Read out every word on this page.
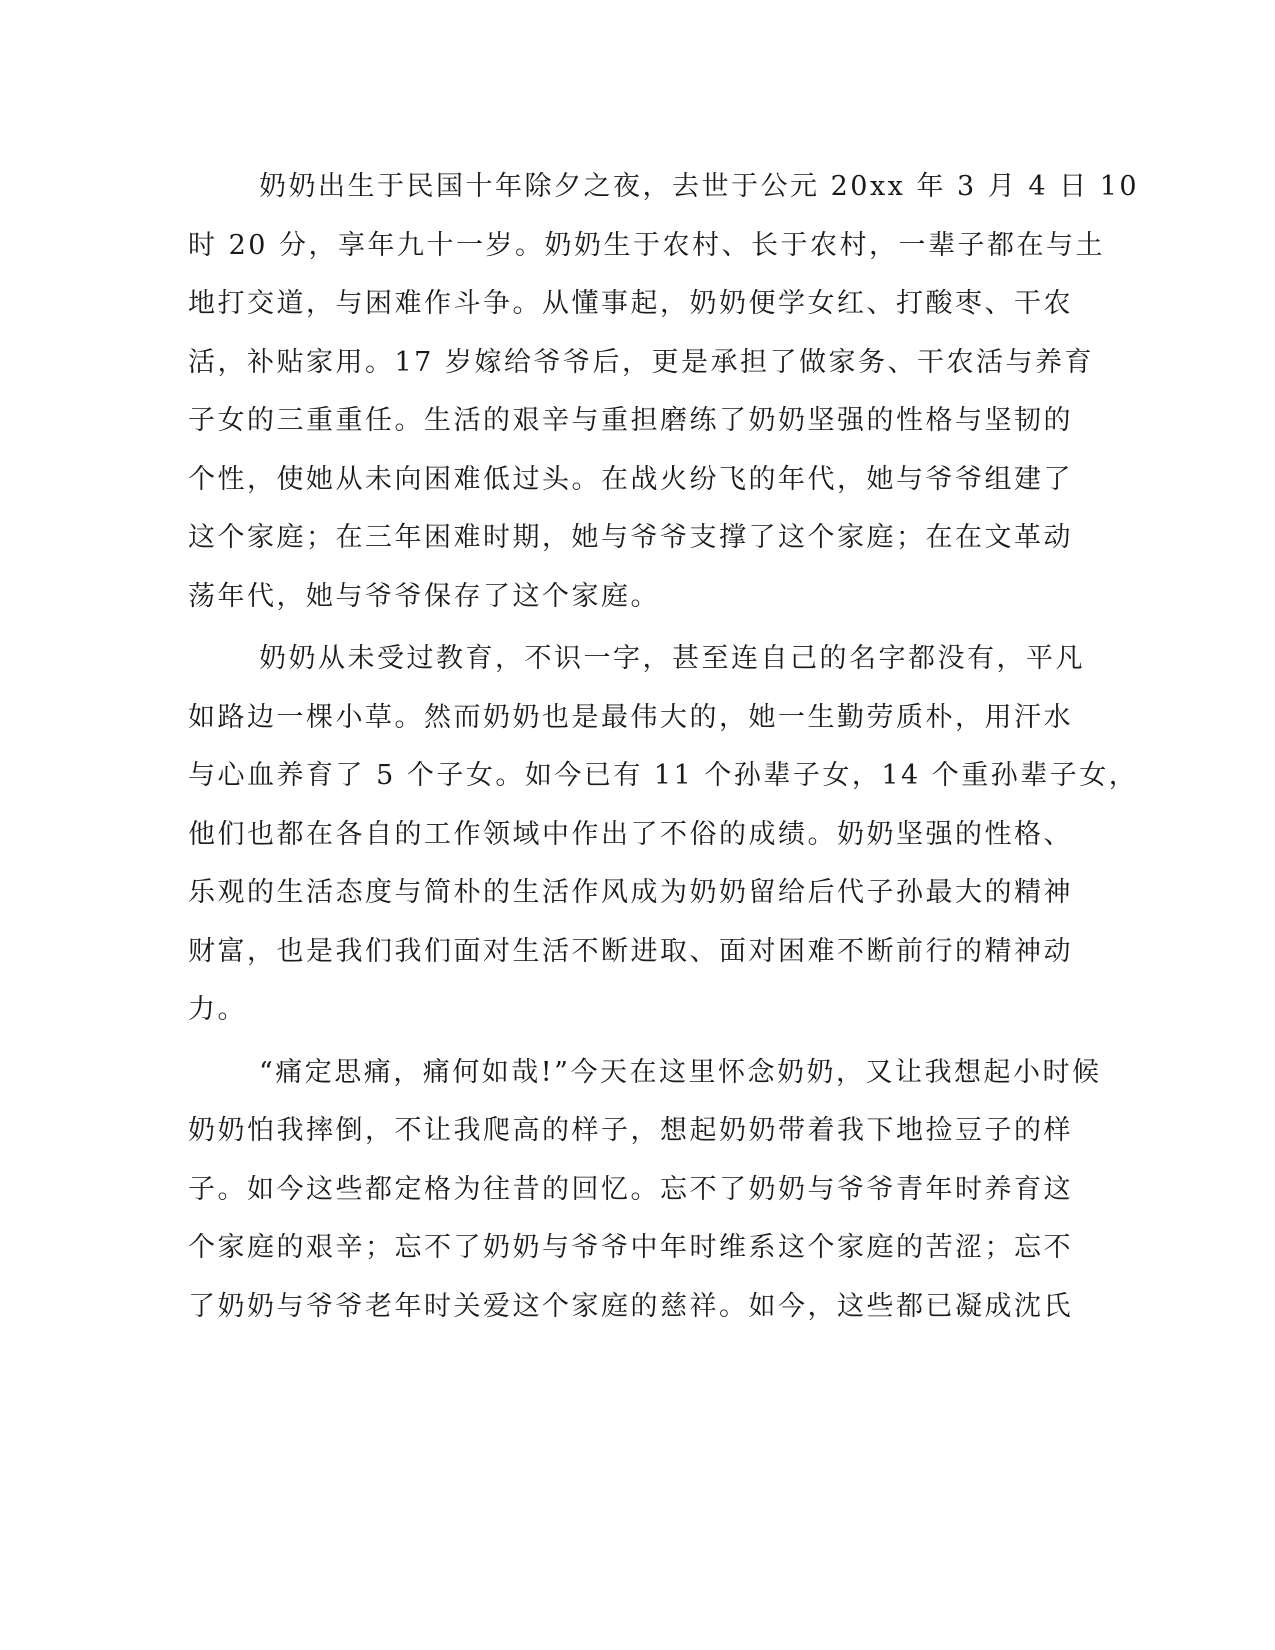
奶奶出生于民国十年除夕之夜，去世于公元 20xx 年 3 月 4 日 10

时 20 分，享年九十一岁。奶奶生于农村、长于农村，一辈子都在与土

地打交道，与困难作斗争。从懂事起，奶奶便学女红、打酸枣、干农

活，补贴家用。17 岁嫁给爷爷后，更是承担了做家务、干农活与养育

子女的三重重任。生活的艰辛与重担磨练了奶奶坚强的性格与坚韧的

个性，使她从未向困难低过头。在战火纷飞的年代，她与爷爷组建了

这个家庭；在三年困难时期，她与爷爷支撑了这个家庭；在在文革动

荡年代，她与爷爷保存了这个家庭。

奶奶从未受过教育，不识一字，甚至连自己的名字都没有，平凡

如路边一棵小草。然而奶奶也是最伟大的，她一生勤劳质朴，用汗水

与心血养育了 5 个子女。如今已有 11 个孙辈子女，14 个重孙辈子女，

他们也都在各自的工作领域中作出了不俗的成绩。奶奶坚强的性格、

乐观的生活态度与简朴的生活作风成为奶奶留给后代子孙最大的精神

财富，也是我们我们面对生活不断进取、面对困难不断前行的精神动

力。

“痛定思痛，痛何如哉!”今天在这里怀念奶奶，又让我想起小时候

奶奶怕我摔倒，不让我爬高的样子，想起奶奶带着我下地捡豆子的样

子。如今这些都定格为往昔的回忆。忘不了奶奶与爷爷青年时养育这

个家庭的艰辛；忘不了奶奶与爷爷中年时维系这个家庭的苦涩；忘不

了奶奶与爷爷老年时关爱这个家庭的慈祥。如今，这些都已凝成沈氏
